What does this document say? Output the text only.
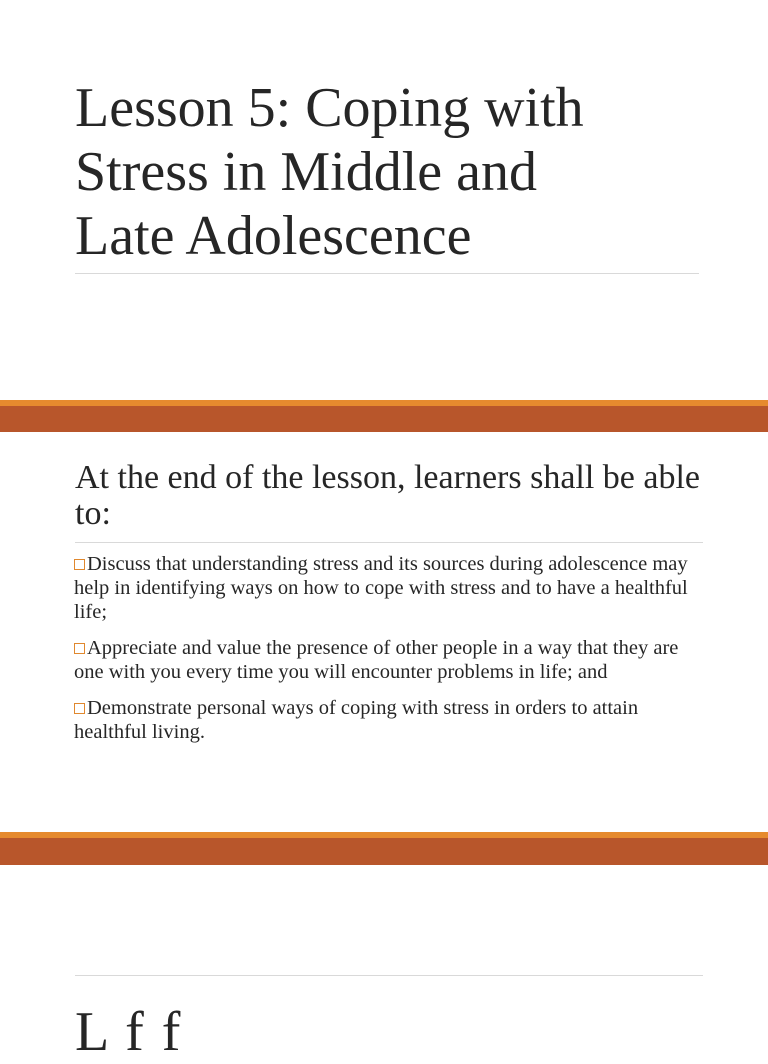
Lesson 5: Coping with
Stress in Middle and
Late Adolescence
At the end of the lesson, learners shall be able to:
Discuss that understanding stress and its sources during adolescence may help in identifying ways on how to cope with stress and to have a healthful life;
Appreciate and value the presence of other people in a way that they are one with you every time you will encounter problems in life; and
Demonstrate personal ways of coping with stress in orders to attain healthful living.
L f f
